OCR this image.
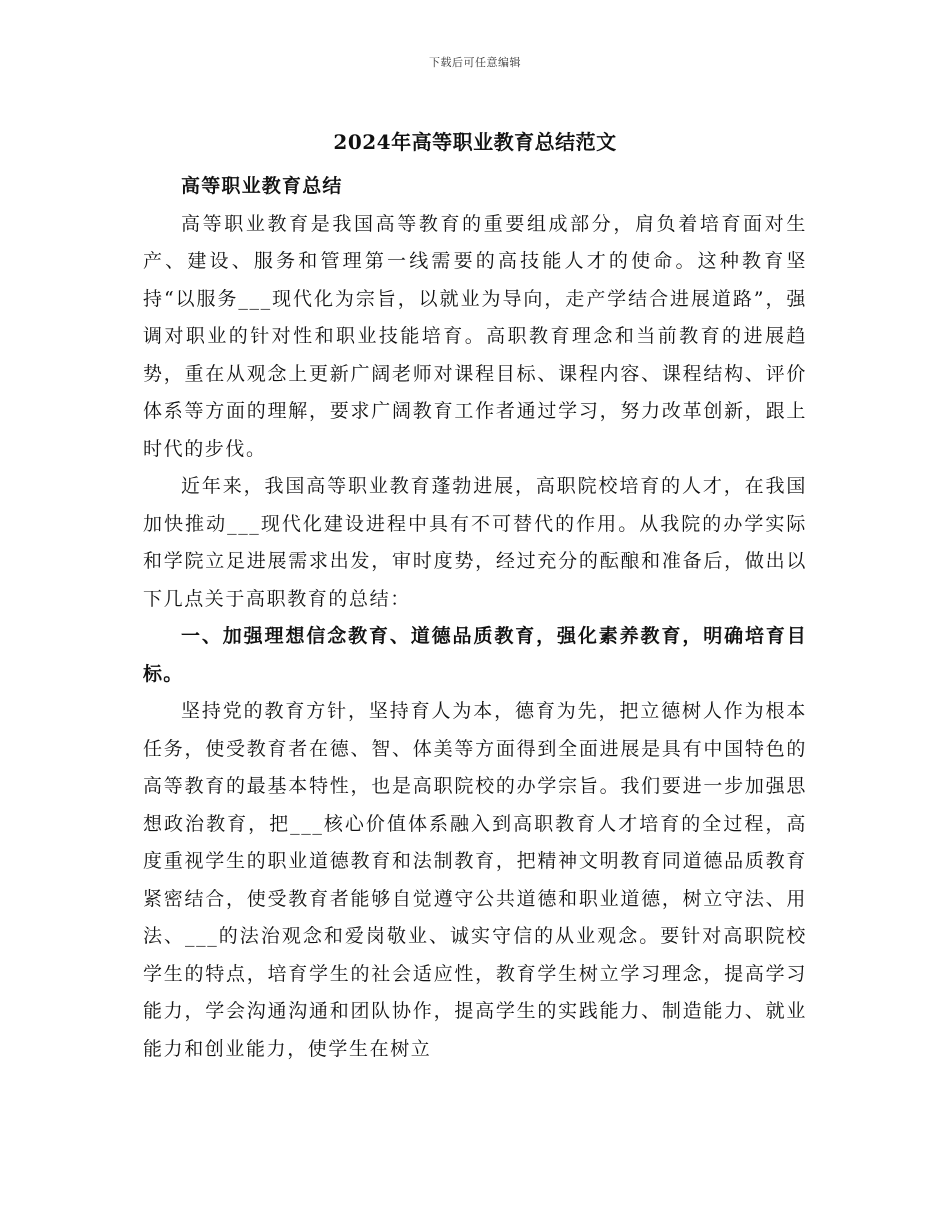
下载后可任意编辑
2024年高等职业教育总结范文

高等职业教育总结

高等职业教育是我国高等教育的重要组成部分，肩负着培育面对生产、建设、服务和管理第一线需要的高技能人才的使命。这种教育坚持“以服务___现代化为宗旨，以就业为导向，走产学结合进展道路”，强调对职业的针对性和职业技能培育。高职教育理念和当前教育的进展趋势，重在从观念上更新广阔老师对课程目标、课程内容、课程结构、评价体系等方面的理解，要求广阔教育工作者通过学习，努力改革创新，跟上时代的步伐。

近年来，我国高等职业教育蓬勃进展，高职院校培育的人才，在我国加快推动___现代化建设进程中具有不可替代的作用。从我院的办学实际和学院立足进展需求出发，审时度势，经过充分的酝酿和准备后，做出以下几点关于高职教育的总结：

一、加强理想信念教育、道德品质教育，强化素养教育，明确培育目标。

坚持党的教育方针，坚持育人为本，德育为先，把立德树人作为根本任务，使受教育者在德、智、体美等方面得到全面进展是具有中国特色的高等教育的最基本特性，也是高职院校的办学宗旨。我们要进一步加强思想政治教育，把___核心价值体系融入到高职教育人才培育的全过程，高度重视学生的职业道德教育和法制教育，把精神文明教育同道德品质教育紧密结合，使受教育者能够自觉遵守公共道德和职业道德，树立守法、用法、___的法治观念和爱岗敬业、诚实守信的从业观念。要针对高职院校学生的特点，培育学生的社会适应性，教育学生树立学习理念，提高学习能力，学会沟通沟通和团队协作，提高学生的实践能力、制造能力、就业能力和创业能力，使学生在树立
